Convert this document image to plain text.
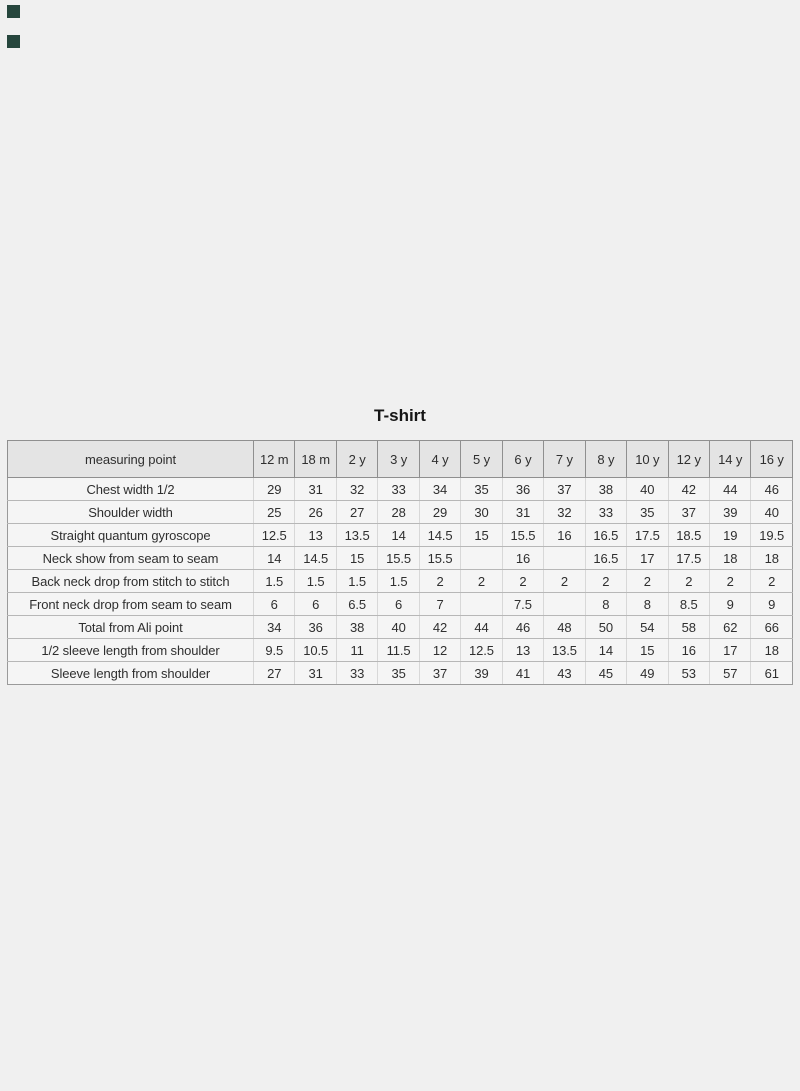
T-shirt
measuring point	12 m	18 m	2 y	3 y	4 y	5 y	6 y	7 y	8 y	10 y	12 y	14 y	16 y
Chest width 1/2	29	31	32	33	34	35	36	37	38	40	42	44	46
Shoulder width	25	26	27	28	29	30	31	32	33	35	37	39	40
Straight quantum gyroscope	12.5	13	13.5	14	14.5	15	15.5	16	16.5	17.5	18.5	19	19.5
Neck show from seam to seam	14	14.5	15	15.5	15.5		16		16.5	17	17.5	18	18
Back neck drop from stitch to stitch	1.5	1.5	1.5	1.5	2	2	2	2	2	2	2	2	2
Front neck drop from seam to seam	6	6	6.5	6	7		7.5		8	8	8.5	9	9
Total from Ali point	34	36	38	40	42	44	46	48	50	54	58	62	66
1/2 sleeve length from shoulder	9.5	10.5	11	11.5	12	12.5	13	13.5	14	15	16	17	18
Sleeve length from shoulder	27	31	33	35	37	39	41	43	45	49	53	57	61
